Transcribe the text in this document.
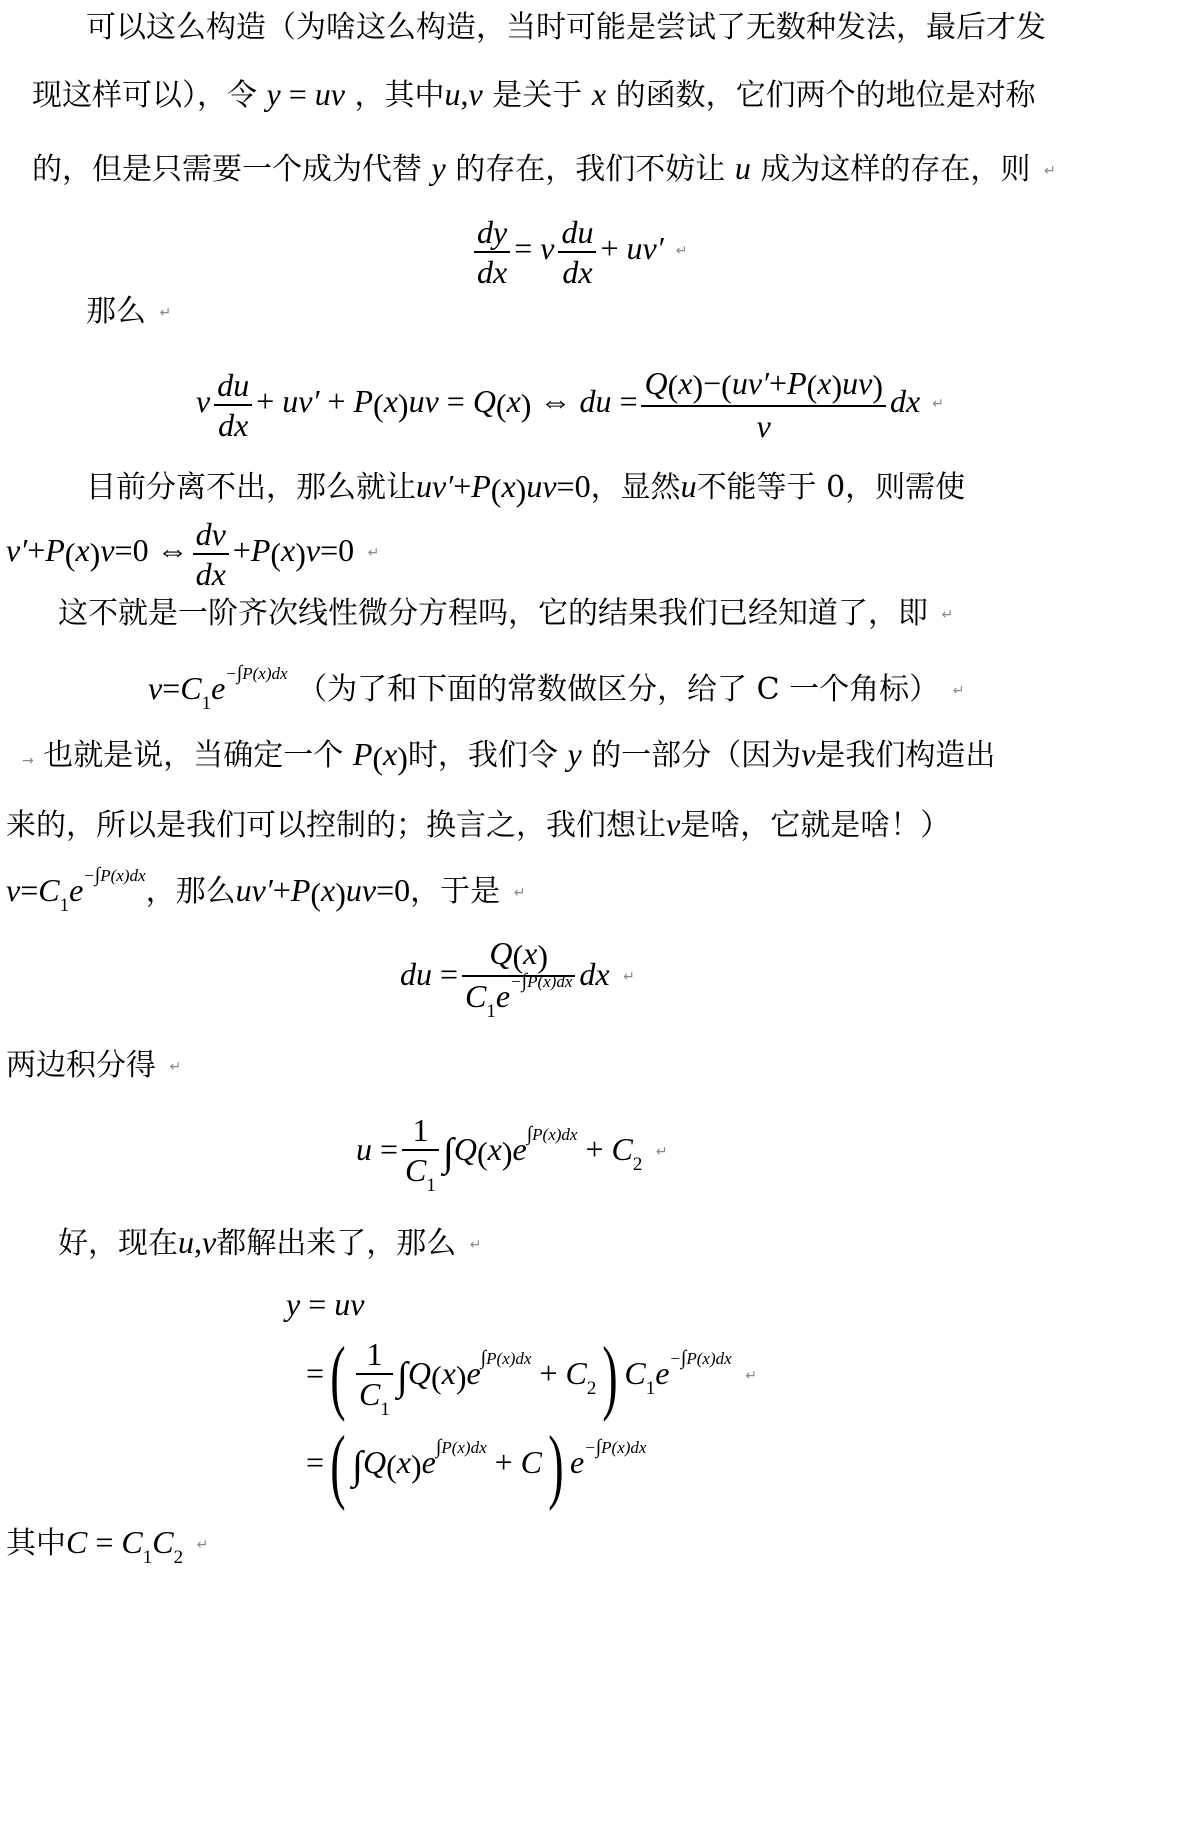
可以这么构造（为啥这么构造，当时可能是尝试了无数种发法，最后才发
现这样可以），令 y = uv ，其中u,v 是关于 x 的函数，它们两个的地位是对称
的，但是只需要一个成为代替 y 的存在，我们不妨让 u 成为这样的存在，则 ↵
$\frac{dy}{dx} = v \frac{du}{dx} + uv'$ ↵
那么 ↵
v $\frac{du}{dx} + uv' + P(x)uv = Q(x)$ ⇔ du = $\frac{Q(x)-(uv'+P(x)uv)}{v}$ dx ↵
目前分离不出，那么就让uv′+P(x)uv=0，显然u不能等于 0，则需使
v′+P(x)v=0 ⇔ $\frac{dv}{dx} +P(x)v=0$ ↵
这不就是一阶齐次线性微分方程吗，它的结果我们已经知道了，即 ↵
$v=C_1e^{-\int P(x)dx}$ （为了和下面的常数做区分，给了 C 一个角标） ↵
→ 也就是说，当确定一个 P(x)时，我们令 y 的一部分（因为v是我们构造出
来的，所以是我们可以控制的；换言之，我们想让v是啥，它就是啥！）
$v=C_1e^{-\int P(x)dx}$，那么uv′+P(x)uv=0，于是 ↵
du = $\frac{Q(x)}{C_1e^{-\int P(x)dx}}$ dx ↵
两边积分得 ↵
$u = \frac{1}{C_1} \int Q(x)e^{\int P(x)dx} + C_2$ ↵
好，现在u,v都解出来了，那么 ↵
y = uv
=( $\frac{1}{C_1} \int Q(x)e^{\int P(x)dx} + C_2$) $C_1e^{-\int P(x)dx}$ ↵
=( $\int Q(x)e^{\int P(x)dx} + C$) $e^{-\int P(x)dx}$
其中$C = C_1C_2$ ↵
